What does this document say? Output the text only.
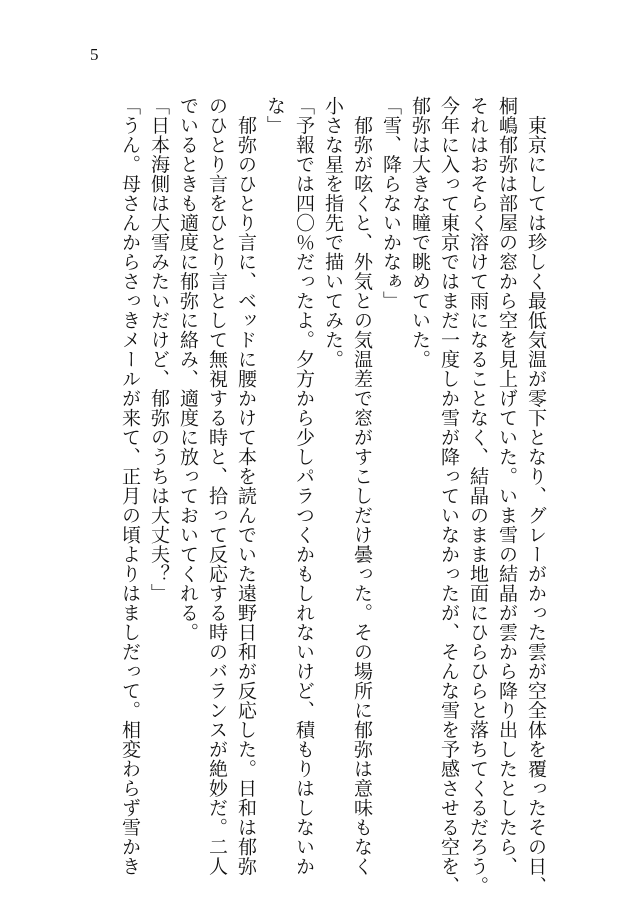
5
　東京にしては珍しく最低気温が零下となり、グレーがかった雲が空全体を覆ったその日、
桐嶋郁弥は部屋の窓から空を見上げていた。いま雪の結晶が雲から降り出したとしたら、
それはおそらく溶けて雨になることなく、結晶のまま地面にひらひらと落ちてくるだろう。
今年に入って東京ではまだ一度しか雪が降っていなかったが、そんな雪を予感させる空を、
郁弥は大きな瞳で眺めていた。
「雪、降らないかなぁ」
　郁弥が呟くと、外気との気温差で窓がすこしだけ曇った。その場所に郁弥は意味もなく
小さな星を指先で描いてみた。
「予報では四〇％だったよ。夕方から少しパラつくかもしれないけど、積もりはしないか
な」
　郁弥のひとり言に、ベッドに腰かけて本を読んでいた遠野日和が反応した。日和は郁弥
のひとり言をひとり言として無視する時と、拾って反応する時のバランスが絶妙だ。二人
でいるときも適度に郁弥に絡み、適度に放っておいてくれる。
「日本海側は大雪みたいだけど、郁弥のうちは大丈夫？」
「うん。母さんからさっきメールが来て、正月の頃よりはましだって。相変わらず雪かき
